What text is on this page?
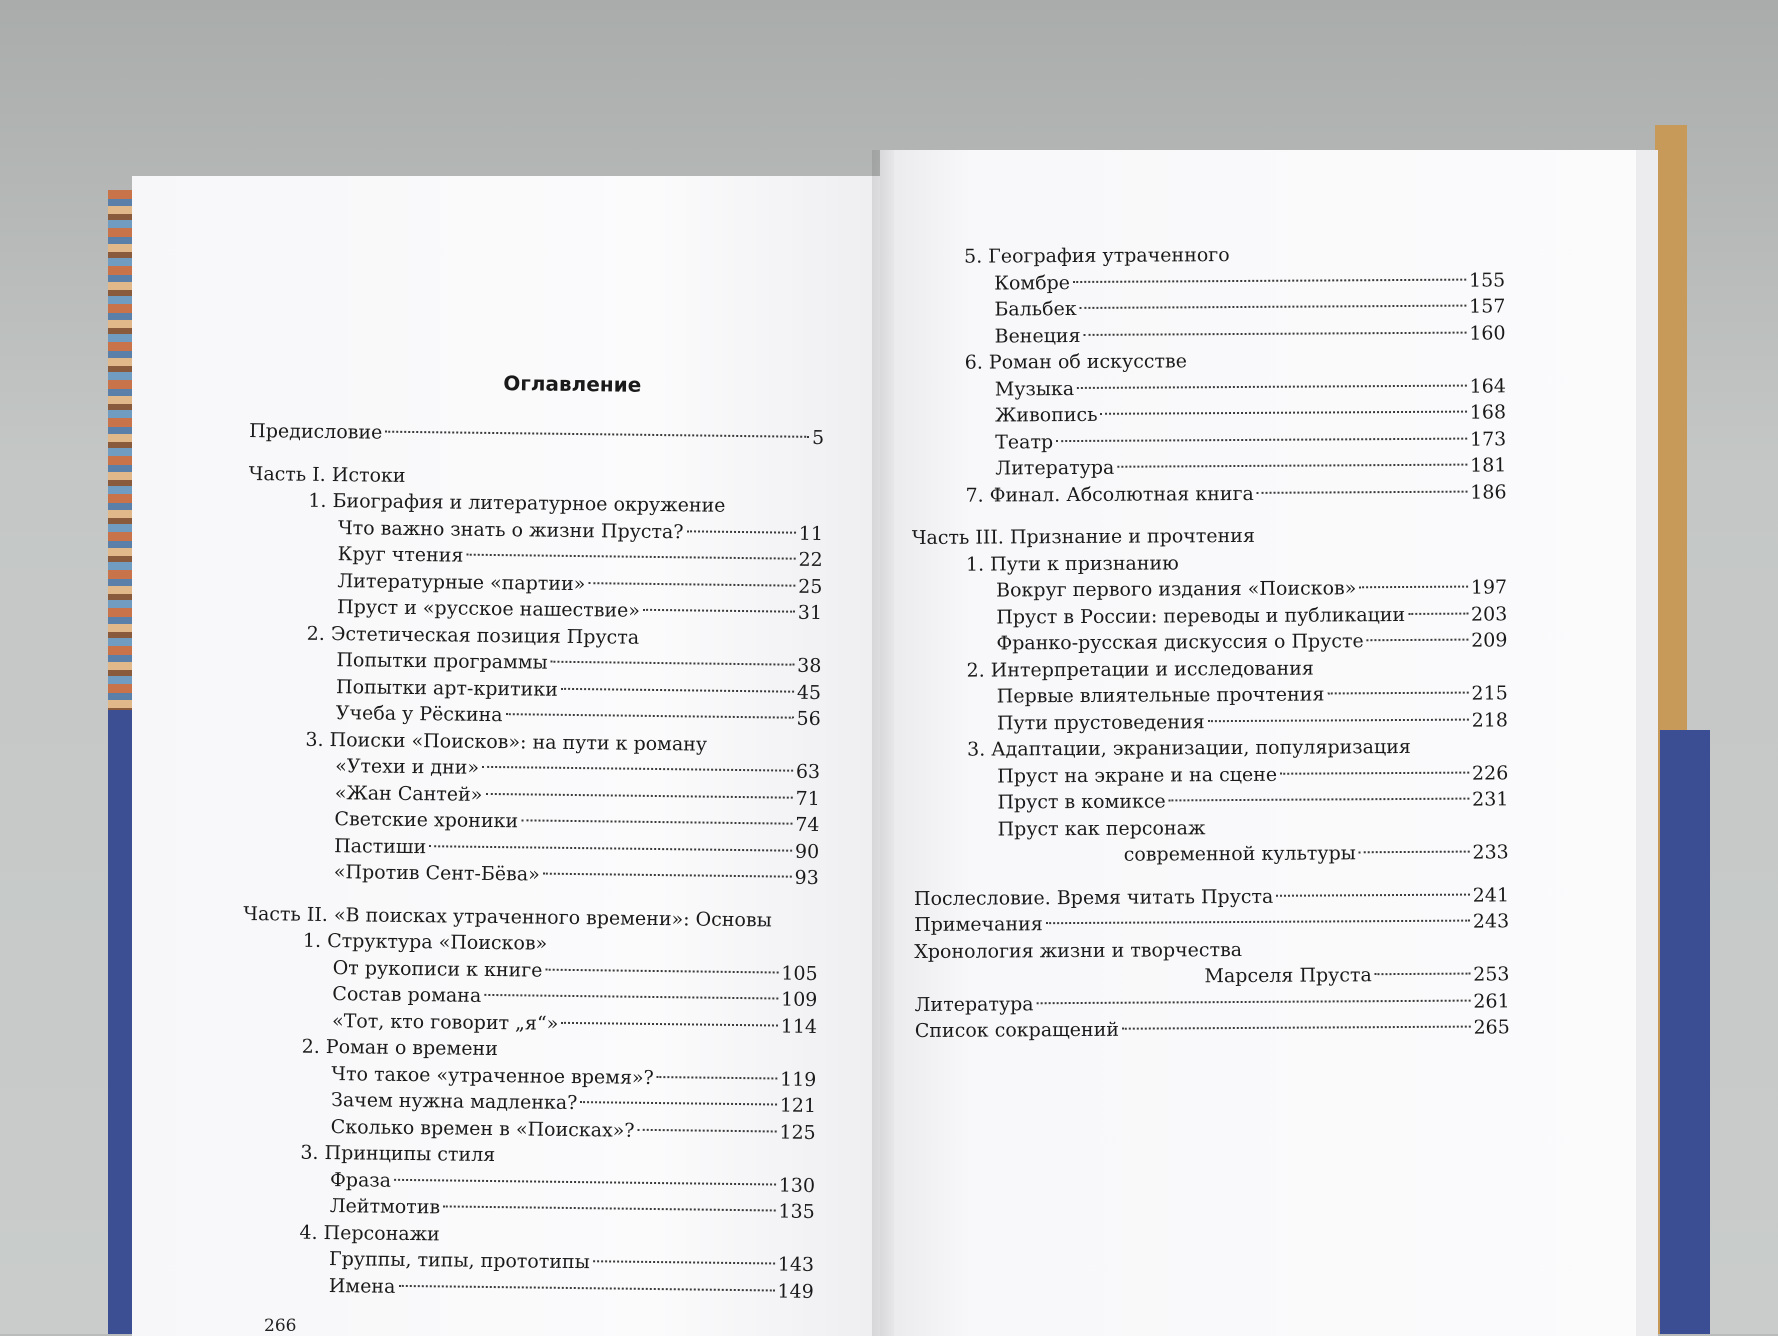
Оглавление
Предисловие	5
Часть I. Истоки
1. Биография и литературное окружение
Что важно знать о жизни Пруста?	11
Круг чтения	22
Литературные «партии»	25
Пруст и «русское нашествие»	31
2. Эстетическая позиция Пруста
Попытки программы	38
Попытки арт-критики	45
Учеба у Рёскина	56
3. Поиски «Поисков»: на пути к роману
«Утехи и дни»	63
«Жан Сантей»	71
Светские хроники	74
Пастиши	90
«Против Сент-Бёва»	93
Часть II. «В поисках утраченного времени»: Основы
1. Структура «Поисков»
От рукописи к книге	105
Состав романа	109
«Тот, кто говорит „я“»	114
2. Роман о времени
Что такое «утраченное время»?	119
Зачем нужна мадленка?	121
Сколько времен в «Поисках»?	125
3. Принципы стиля
Фраза	130
Лейтмотив	135
4. Персонажи
Группы, типы, прототипы	143
Имена	149
5. География утраченного
Комбре	155
Бальбек	157
Венеция	160
6. Роман об искусстве
Музыка	164
Живопись	168
Театр	173
Литература	181
7. Финал. Абсолютная книга	186
Часть III. Признание и прочтения
1. Пути к признанию
Вокруг первого издания «Поисков»	197
Пруст в России: переводы и публикации	203
Франко-русская дискуссия о Прусте	209
2. Интерпретации и исследования
Первые влиятельные прочтения	215
Пути прустоведения	218
3. Адаптации, экранизации, популяризация
Пруст на экране и на сцене	226
Пруст в комиксе	231
Пруст как персонаж
современной культуры	233
Послесловие. Время читать Пруста	241
Примечания	243
Хронология жизни и творчества
Марселя Пруста	253
Литература	261
Список сокращений	265
266
